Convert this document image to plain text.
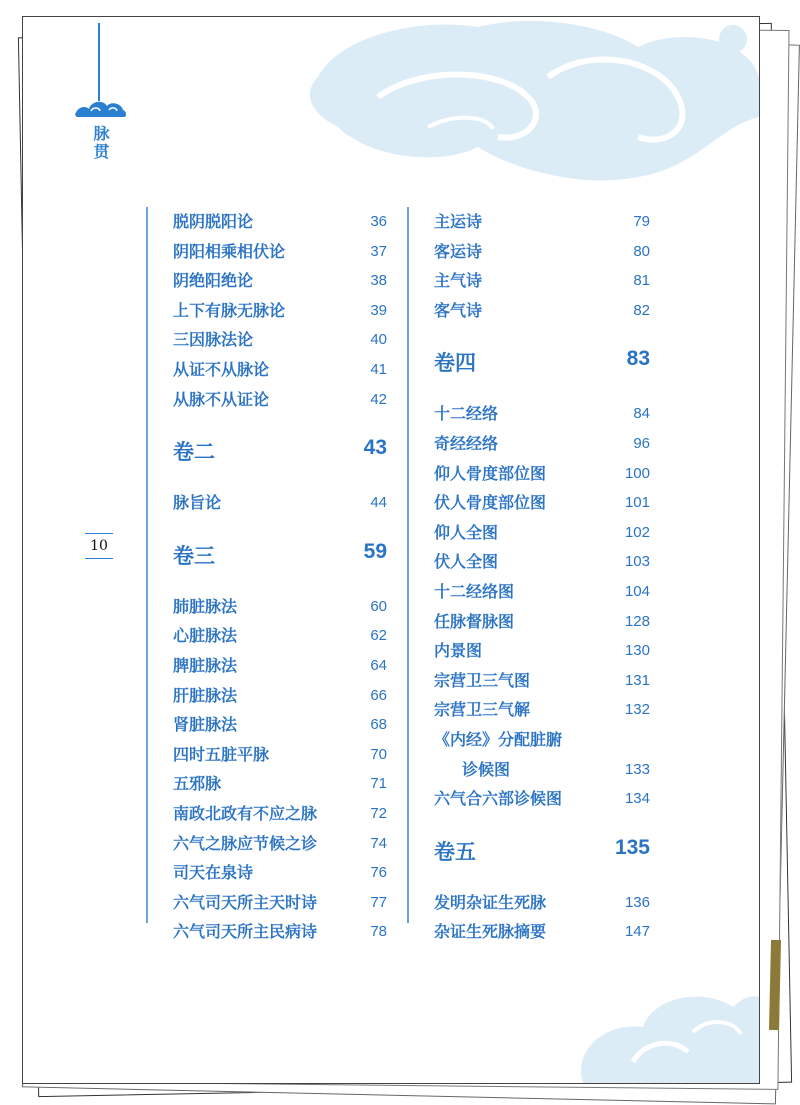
脉贯
10
脱阴脱阳论	36
阴阳相乘相伏论	37
阴绝阳绝论	38
上下有脉无脉论	39
三因脉法论	40
从证不从脉论	41
从脉不从证论	42
卷二	43
脉旨论	44
卷三	59
肺脏脉法	60
心脏脉法	62
脾脏脉法	64
肝脏脉法	66
肾脏脉法	68
四时五脏平脉	70
五邪脉	71
南政北政有不应之脉	72
六气之脉应节候之诊	74
司天在泉诗	76
六气司天所主天时诗	77
六气司天所主民病诗	78
主运诗	79
客运诗	80
主气诗	81
客气诗	82
卷四	83
十二经络	84
奇经经络	96
仰人骨度部位图	100
伏人骨度部位图	101
仰人全图	102
伏人全图	103
十二经络图	104
任脉督脉图	128
内景图	130
宗营卫三气图	131
宗营卫三气解	132
《内经》分配脏腑
诊候图	133
六气合六部诊候图	134
卷五	135
发明杂证生死脉	136
杂证生死脉摘要	147
